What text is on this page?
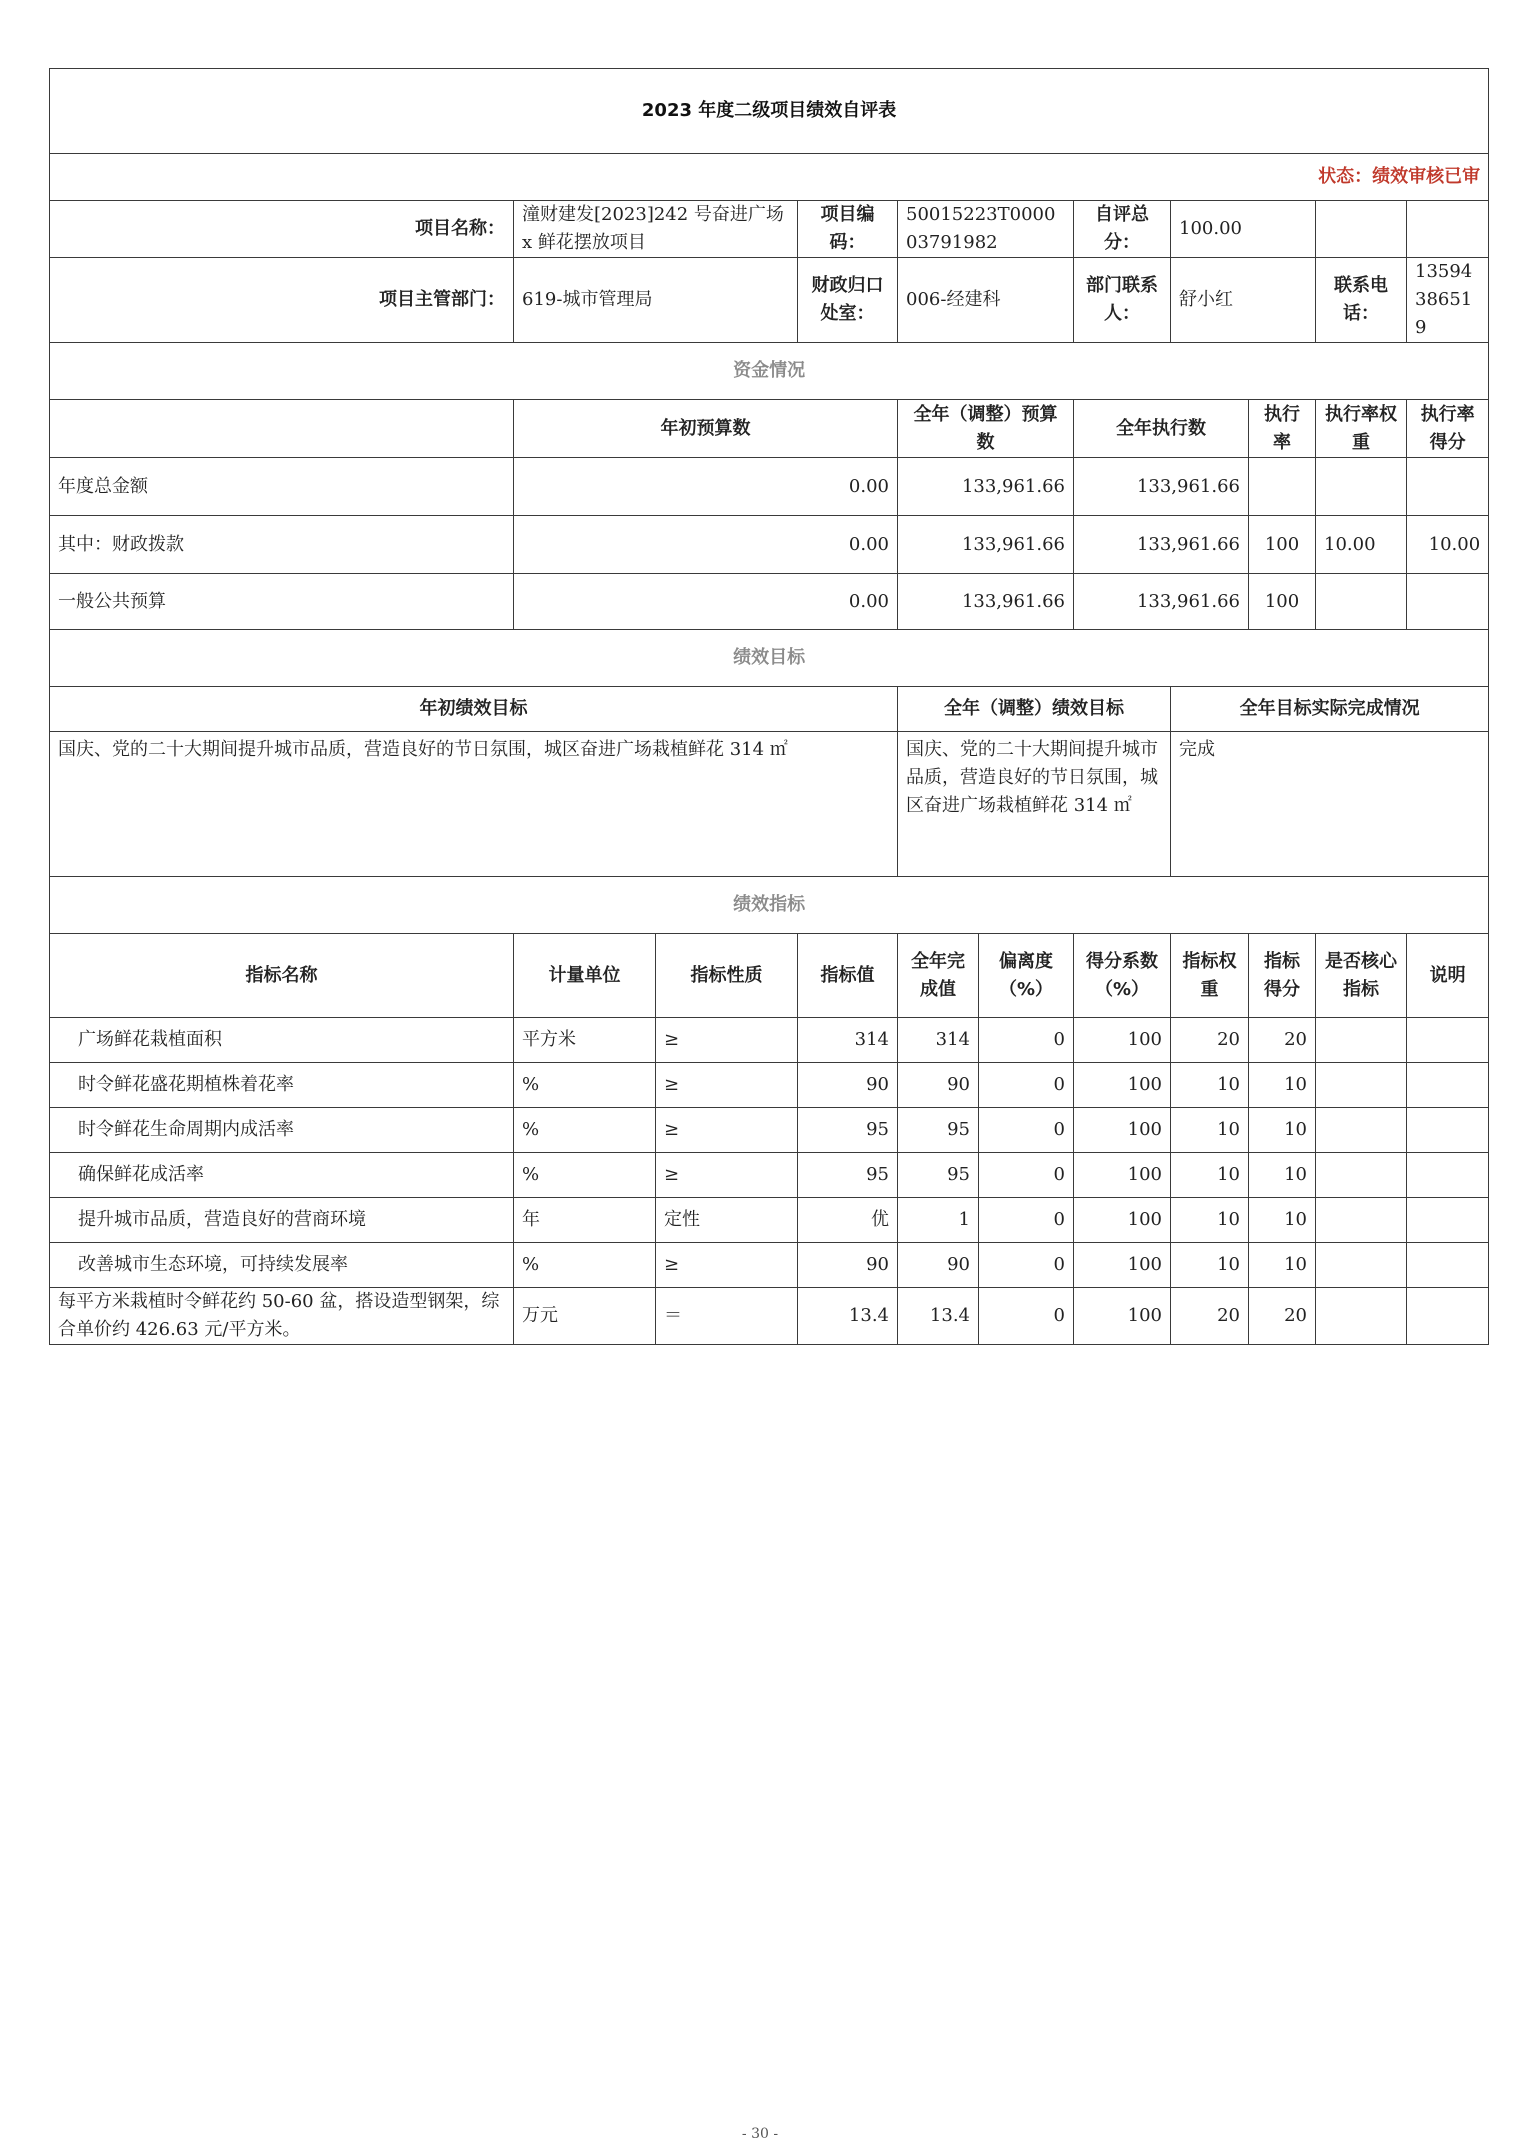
2023 年度二级项目绩效自评表										
状态：绩效审核已审										
项目名称：	潼财建发[2023]242 号奋进广场 x 鲜花摆放项目		项目编码：	50015223T000003791982		自评总分：	100.00			
项目主管部门：	619-城市管理局		财政归口处室：	006-经建科		部门联系人：	舒小红		联系电话：	13594386519
资金情况										
	年初预算数			全年（调整）预算数		全年执行数		执行率	执行率权重	执行率得分
年度总金额	0.00			133,961.66		133,961.66				
其中：财政拨款	0.00			133,961.66		133,961.66		100	10.00	10.00
一般公共预算	0.00			133,961.66		133,961.66		100		
绩效目标										
年初绩效目标				全年（调整）绩效目标			全年目标实际完成情况			
国庆、党的二十大期间提升城市品质，营造良好的节日氛围，城区奋进广场栽植鲜花 314 ㎡				国庆、党的二十大期间提升城市品质，营造良好的节日氛围，城区奋进广场栽植鲜花 314 ㎡			完成			
绩效指标										
指标名称	计量单位	指标性质	指标值	全年完成值	偏离度（%）	得分系数（%）	指标权重	指标得分	是否核心指标	说明
广场鲜花栽植面积	平方米	≥	314	314	0	100	20	20		
时令鲜花盛花期植株着花率	%	≥	90	90	0	100	10	10		
时令鲜花生命周期内成活率	%	≥	95	95	0	100	10	10		
确保鲜花成活率	%	≥	95	95	0	100	10	10		
提升城市品质，营造良好的营商环境	年	定性	优	1	0	100	10	10		
改善城市生态环境，可持续发展率	%	≥	90	90	0	100	10	10		
每平方米栽植时令鲜花约 50-60 盆，搭设造型钢架，综合单价约 426.63 元/平方米。	万元	＝	13.4	13.4	0	100	20	20		
- 30 -
